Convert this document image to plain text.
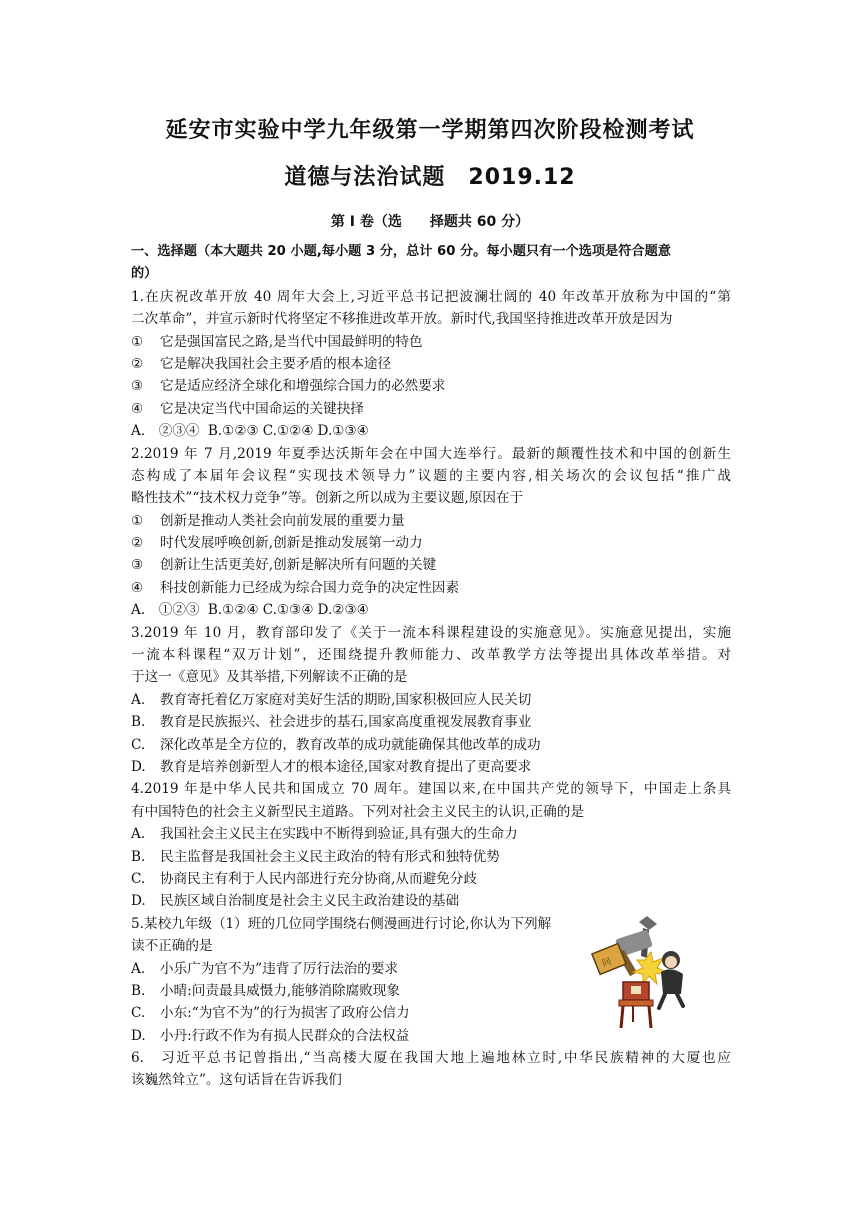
延安市实验中学九年级第一学期第四次阶段检测考试
道德与法治试题　2019.12
第 I 卷（选　　择题共 60 分）
一、选择题（本大题共 20 小题,每小题 3 分，总计 60 分。每小题只有一个选项是符合题意
的）
1.在庆祝改革开放 40 周年大会上,习近平总书记把波澜壮阔的 40 年改革开放称为中国的“第
二次革命”，并宣示新时代将坚定不移推进改革开放。新时代,我国坚持推进改革开放是因为
①	它是强国富民之路,是当代中国最鲜明的特色
②	它是解决我国社会主要矛盾的根本途径
③	它是适应经济全球化和增强综合国力的必然要求
④	它是决定当代中国命运的关键抉择
A.　②③④ B.①②③ C.①②④ D.①③④
2.2019 年 7 月,2019 年夏季达沃斯年会在中国大连举行。最新的颠覆性技术和中国的创新生
态构成了本届年会议程“实现技术领导力”议题的主要内容,相关场次的会议包括“推广战
略性技术”“技术权力竞争”等。创新之所以成为主要议题,原因在于
①	创新是推动人类社会向前发展的重要力量
②	时代发展呼唤创新,创新是推动发展第一动力
③	创新让生活更美好,创新是解决所有问题的关键
④	科技创新能力已经成为综合国力竞争的决定性因素
A.　①②③ B.①②④ C.①③④ D.②③④
3.2019 年 10 月，教育部印发了《关于一流本科课程建设的实施意见》。实施意见提出，实施
一流本科课程“双万计划”，还围绕提升教师能力、改革教学方法等提出具体改革举措。对
于这一《意见》及其举措,下列解读不正确的是
A.	教育寄托着亿万家庭对美好生活的期盼,国家积极回应人民关切
B.	教育是民族振兴、社会进步的基石,国家高度重视发展教育事业
C.	深化改革是全方位的，教育改革的成功就能确保其他改革的成功
D.	教育是培养创新型人才的根本途径,国家对教育提出了更高要求
4.2019 年是中华人民共和国成立 70 周年。建国以来,在中国共产党的领导下，中国走上条具
有中国特色的社会主义新型民主道路。下列对社会主义民主的认识,正确的是
A.	我国社会主义民主在实践中不断得到验证,具有强大的生命力
B.	民主监督是我国社会主义民主政治的特有形式和独特优势
C.	协商民主有利于人民内部进行充分协商,从而避免分歧
D.	民族区域自治制度是社会主义民主政治建设的基础
5.某校九年级（1）班的几位同学围绕右侧漫画进行讨论,你认为下列解
读不正确的是
A.	小乐广为官不为”违背了厉行法治的要求
B.	小晴:问责最具威慑力,能够消除腐败现象
C.	小东:“为官不为”的行为损害了政府公信力
D.	小丹:行政不作为有损人民群众的合法权益
6.　习近平总书记曾指出,“当高楼大厦在我国大地上遍地林立时,中华民族精神的大厦也应
该巍然耸立”。这句话旨在告诉我们
问
